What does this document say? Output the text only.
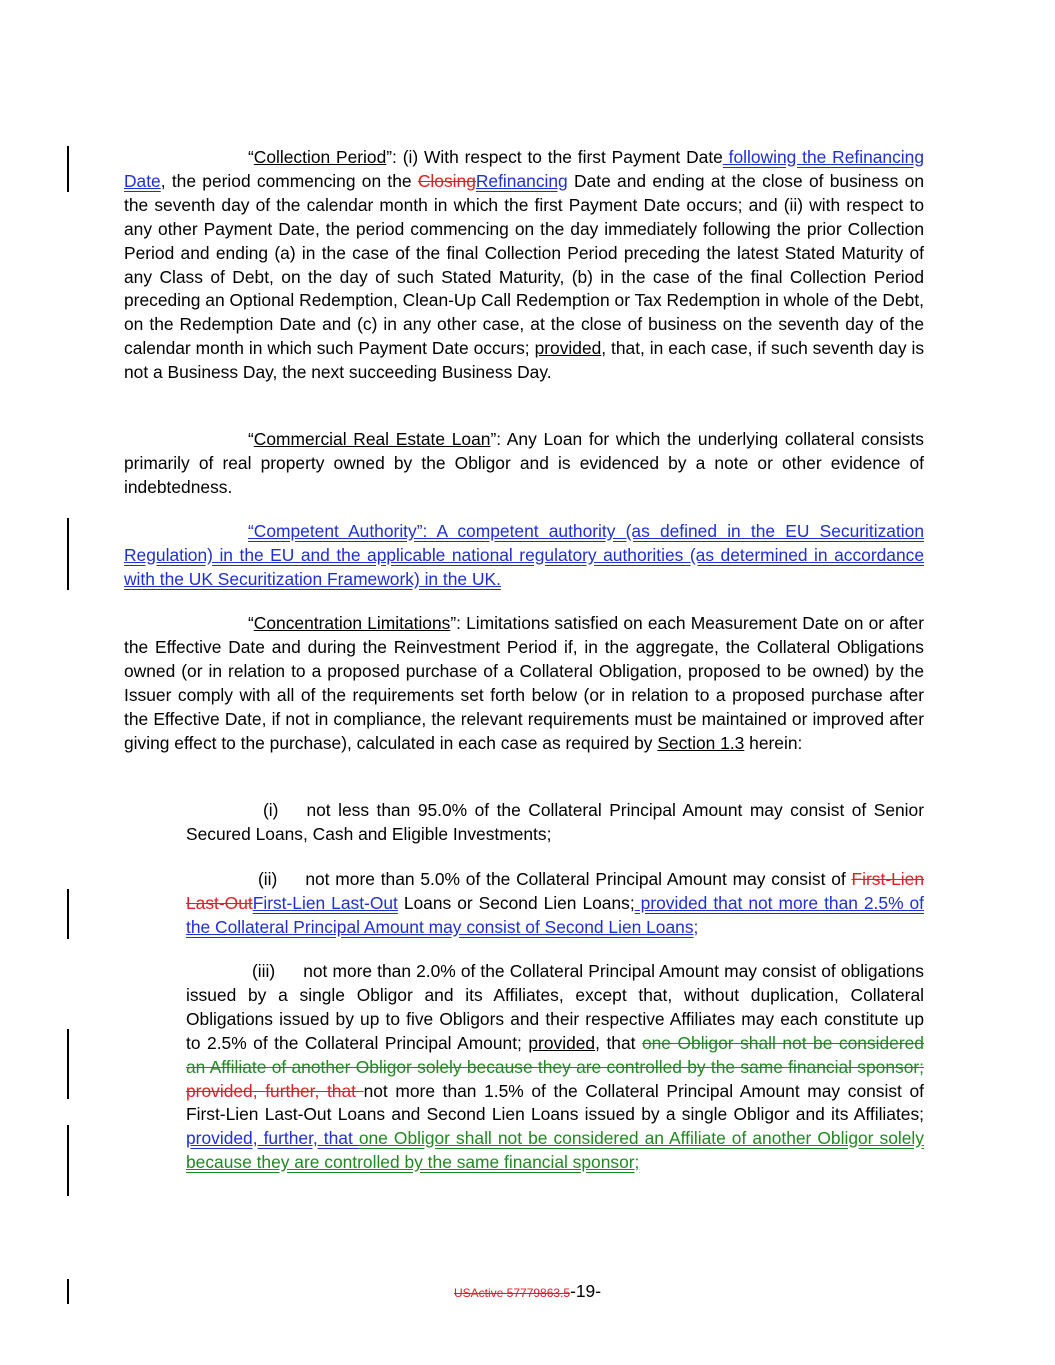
“Collection Period”: (i) With respect to the first Payment Date following the Refinancing Date, the period commencing on the ClosingRefinancing Date and ending at the close of business on the seventh day of the calendar month in which the first Payment Date occurs; and (ii) with respect to any other Payment Date, the period commencing on the day immediately following the prior Collection Period and ending (a) in the case of the final Collection Period preceding the latest Stated Maturity of any Class of Debt, on the day of such Stated Maturity, (b) in the case of the final Collection Period preceding an Optional Redemption, Clean-Up Call Redemption or Tax Redemption in whole of the Debt, on the Redemption Date and (c) in any other case, at the close of business on the seventh day of the calendar month in which such Payment Date occurs; provided, that, in each case, if such seventh day is not a Business Day, the next succeeding Business Day.
“Commercial Real Estate Loan”: Any Loan for which the underlying collateral consists primarily of real property owned by the Obligor and is evidenced by a note or other evidence of indebtedness.
“Competent Authority”: A competent authority (as defined in the EU Securitization Regulation) in the EU and the applicable national regulatory authorities (as determined in accordance with the UK Securitization Framework) in the UK.
“Concentration Limitations”: Limitations satisfied on each Measurement Date on or after the Effective Date and during the Reinvestment Period if, in the aggregate, the Collateral Obligations owned (or in relation to a proposed purchase of a Collateral Obligation, proposed to be owned) by the Issuer comply with all of the requirements set forth below (or in relation to a proposed purchase after the Effective Date, if not in compliance, the relevant requirements must be maintained or improved after giving effect to the purchase), calculated in each case as required by Section 1.3 herein:
(i) not less than 95.0% of the Collateral Principal Amount may consist of Senior Secured Loans, Cash and Eligible Investments;
(ii) not more than 5.0% of the Collateral Principal Amount may consist of First-Lien Last-OutFirst-Lien Last-Out Loans or Second Lien Loans; provided that not more than 2.5% of the Collateral Principal Amount may consist of Second Lien Loans;
(iii) not more than 2.0% of the Collateral Principal Amount may consist of obligations issued by a single Obligor and its Affiliates, except that, without duplication, Collateral Obligations issued by up to five Obligors and their respective Affiliates may each constitute up to 2.5% of the Collateral Principal Amount; provided, that one Obligor shall not be considered an Affiliate of another Obligor solely because they are controlled by the same financial sponsor; provided, further, that not more than 1.5% of the Collateral Principal Amount may consist of First-Lien Last-Out Loans and Second Lien Loans issued by a single Obligor and its Affiliates; provided, further, that one Obligor shall not be considered an Affiliate of another Obligor solely because they are controlled by the same financial sponsor;
USActive 57779863.5-19-
